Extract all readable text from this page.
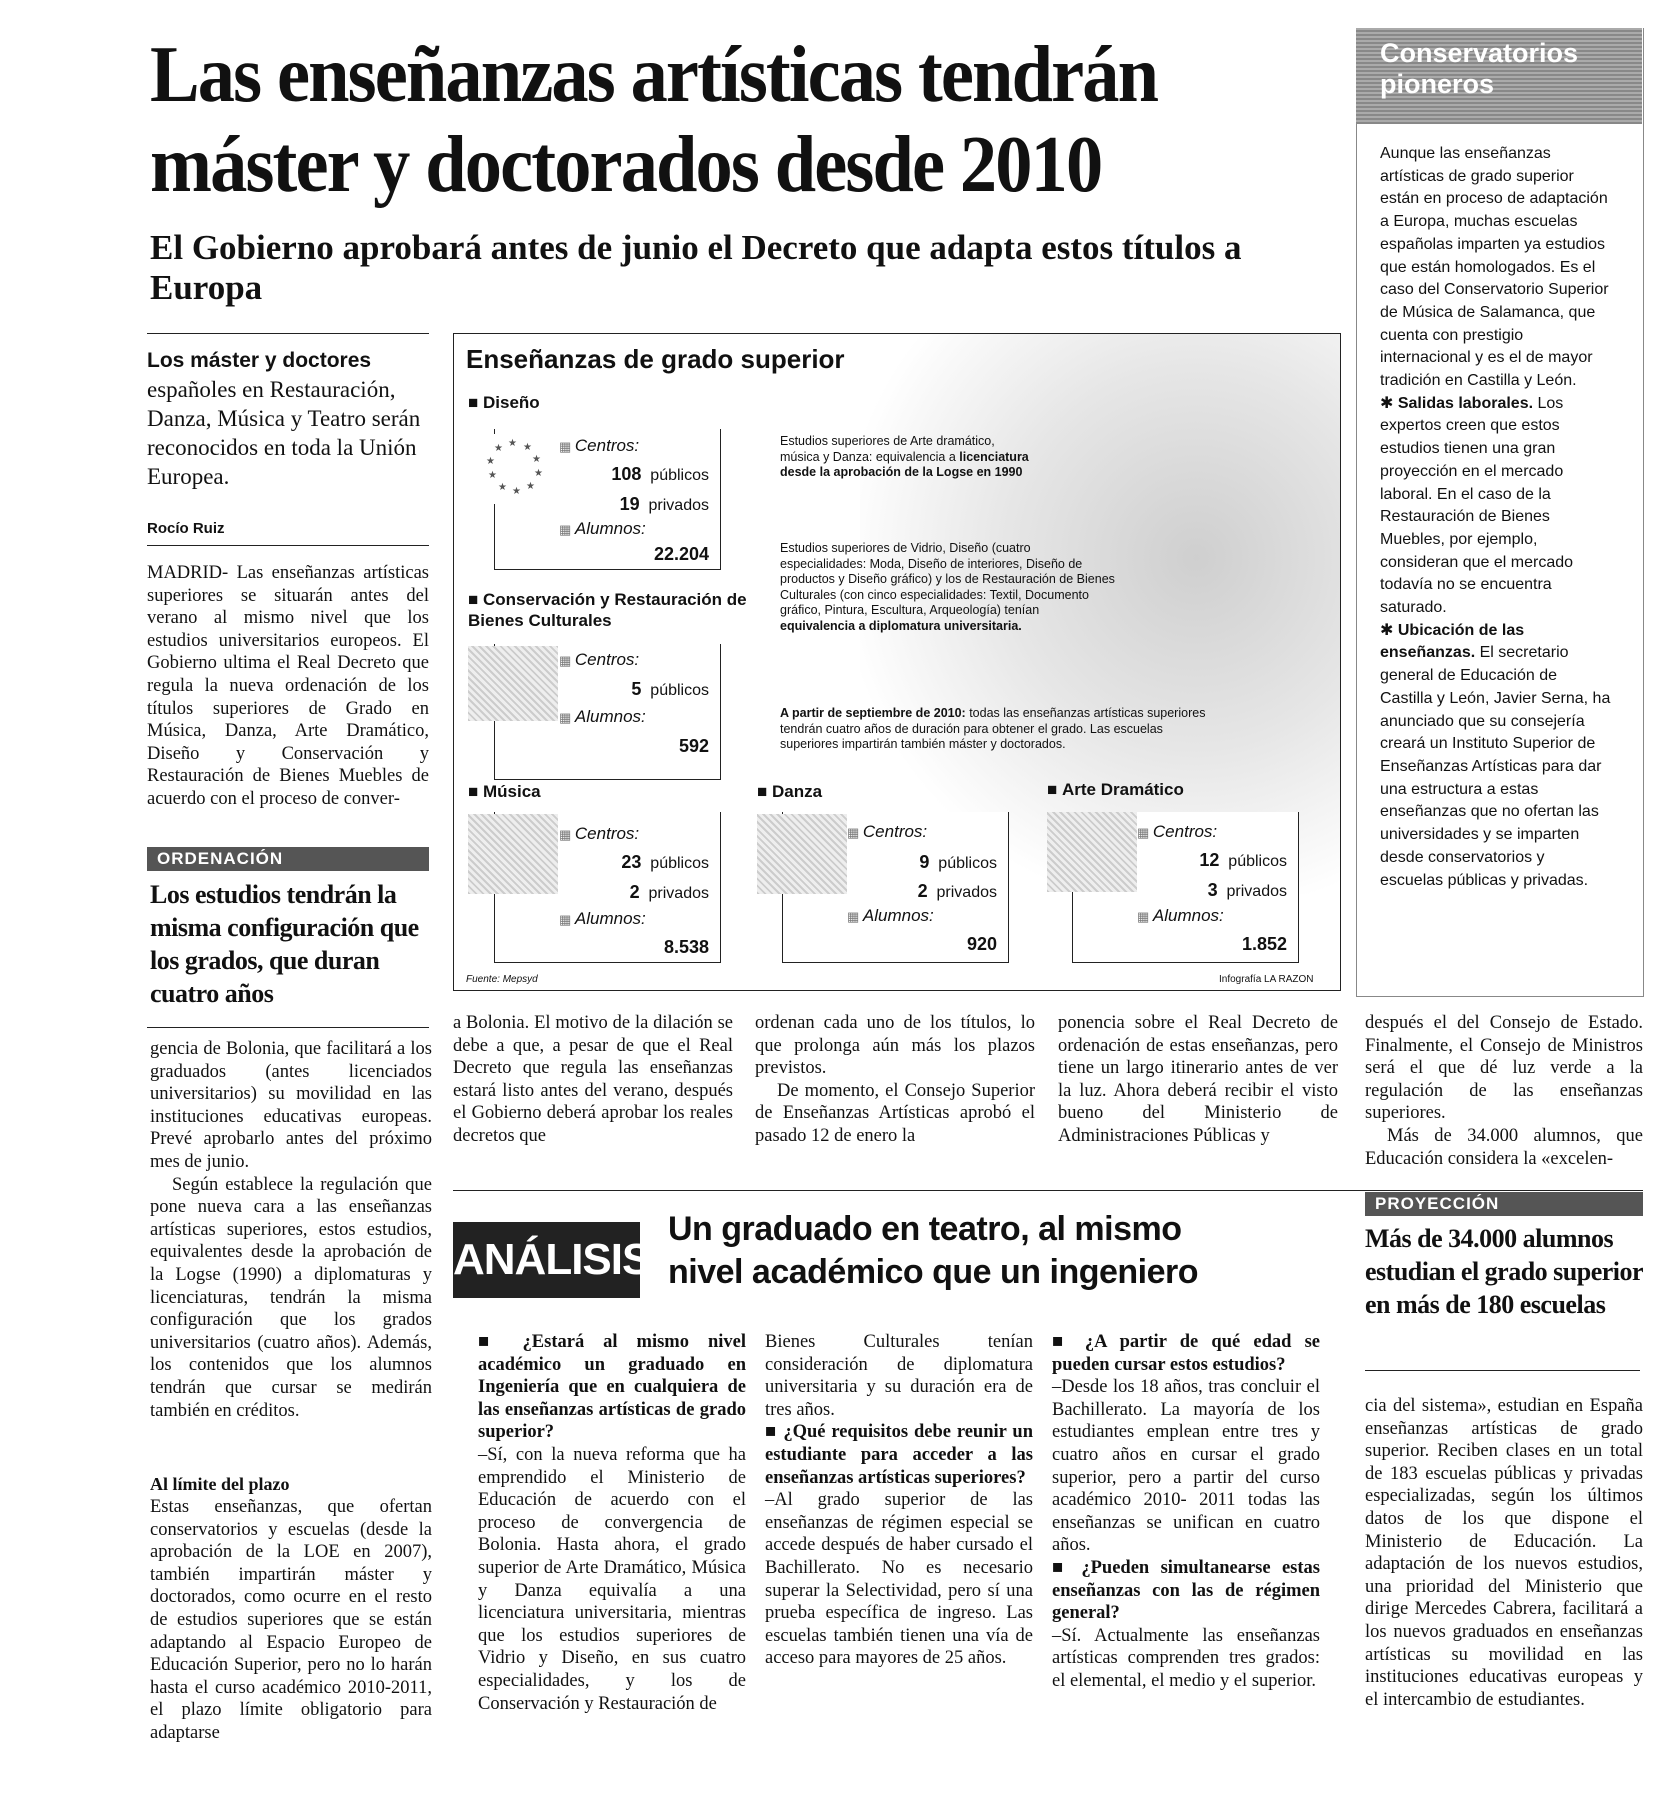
Las enseñanzas artísticas tendrán máster y doctorados desde 2010
El Gobierno aprobará antes de junio el Decreto que adapta estos títulos a Europa

Los máster y doctores
españoles en Restauración, Danza, Música y Teatro serán reconocidos en toda la Unión Europea.

Rocío Ruiz

MADRID- Las enseñanzas artísticas superiores se situarán antes del verano al mismo nivel que los estudios universitarios europeos. El Gobierno ultima el Real Decreto que regula la nueva ordenación de los títulos superiores de Grado en Música, Danza, Arte Dramático, Diseño y Conservación y Restauración de Bienes Muebles de acuerdo con el proceso de conver-

ORDENACIÓN
Los estudios tendrán la misma configuración que los grados, que duran cuatro años

gencia de Bolonia, que facilitará a los graduados (antes licenciados universitarios) su movilidad en las instituciones educativas europeas. Prevé aprobarlo antes del próximo mes de junio.

Según establece la regulación que pone nueva cara a las enseñanzas artísticas superiores, estos estudios, equivalentes desde la aprobación de la Logse (1990) a diplomaturas y licenciaturas, tendrán la misma configuración que los grados universitarios (cuatro años). Además, los contenidos que los alumnos tendrán que cursar se medirán también en créditos.

Al límite del plazo

Estas enseñanzas, que ofertan conservatorios y escuelas (desde la aprobación de la LOE en 2007), también impartirán máster y doctorados, como ocurre en el resto de estudios superiores que se están adaptando al Espacio Europeo de Educación Superior, pero no lo harán hasta el curso académico 2010-2011, el plazo límite obligatorio para adaptarse

Enseñanzas de grado superior

■ Diseño

★ ★
★
★
★
★
★
★
★
★

▦	Centros:

108 públicos

19 privados

▦ Alumnos:

22.204

■ Conservación y Restauración de Bienes Culturales

▦ Centros:

5 públicos

▦ Alumnos:

592

Estudios superiores de Arte dramático, música y Danza: equivalencia a licenciatura desde la aprobación de la Logse en 1990

Estudios superiores de Vidrio, Diseño (cuatro especialidades: Moda, Diseño de interiores, Diseño de productos y Diseño gráfico) y los de Restauración de Bienes Culturales (con cinco especialidades: Textil, Documento gráfico, Pintura, Escultura, Arqueología) tenían equivalencia a diplomatura universitaria.

A partir de septiembre de 2010: todas las enseñanzas artísticas superiores tendrán cuatro años de duración para obtener el grado. Las escuelas superiores impartirán también máster y doctorados.

■ Música

▦ Centros:

23 públicos

2 privados

▦ Alumnos:

8.538

■ Danza

▦ Centros:

9 públicos

2 privados

▦ Alumnos:

920

■ Arte Dramático

▦ Centros:

12 públicos

3 privados

▦ Alumnos:

1.852

Fuente: Mepsyd	Infografía LA RAZON

a Bolonia. El motivo de la dilación se debe a que, a pesar de que el Real Decreto que regula las enseñanzas estará listo antes del verano, después el Gobierno deberá aprobar los reales decretos que

ordenan cada uno de los títulos, lo que prolonga aún más los plazos previstos.

De momento, el Consejo Superior de Enseñanzas Artísticas aprobó el pasado 12 de enero la

ponencia sobre el Real Decreto de ordenación de estas enseñanzas, pero tiene un largo itinerario antes de ver la luz. Ahora deberá recibir el visto bueno del Ministerio de Administraciones Públicas y

Conservatorios
pioneros

Aunque las enseñanzas artísticas de grado superior están en proceso de adaptación a Europa, muchas escuelas españolas imparten ya estudios que están homologados. Es el caso del Conservatorio Superior de Música de Salamanca, que cuenta con prestigio internacional y es el de mayor tradición en Castilla y León.

✱ Salidas laborales. Los expertos creen que estos estudios tienen una gran proyección en el mercado laboral. En el caso de la Restauración de Bienes Muebles, por ejemplo, consideran que el mercado todavía no se encuentra saturado.

✱ Ubicación de las enseñanzas. El secretario general de Educación de Castilla y León, Javier Serna, ha anunciado que su consejería creará un Instituto Superior de Enseñanzas Artísticas para dar una estructura a estas enseñanzas que no ofertan las universidades y se imparten desde conservatorios y escuelas públicas y privadas.

después el del Consejo de Estado. Finalmente, el Consejo de Ministros será el que dé luz verde a la regulación de las enseñanzas superiores.

Más de 34.000 alumnos, que Educación considera la «excelen-

PROYECCIÓN
Más de 34.000 alumnos estudian el grado superior en más de 180 escuelas

cia del sistema», estudian en España enseñanzas artísticas de grado superior. Reciben clases en un total de 183 escuelas públicas y privadas especializadas, según los últimos datos de los que dispone el Ministerio de Educación. La adaptación de los nuevos estudios, una prioridad del Ministerio que dirige Mercedes Cabrera, facilitará a los nuevos graduados en enseñanzas artísticas su movilidad en las instituciones educativas europeas y el intercambio de estudiantes.

ANÁLISIS

Un graduado en teatro, al mismo nivel académico que un ingeniero

■ ¿Estará al mismo nivel académico un graduado en Ingeniería que en cualquiera de las enseñanzas artísticas de grado superior?

–Sí, con la nueva reforma que ha emprendido el Ministerio de Educación de acuerdo con el proceso de convergencia de Bolonia. Hasta ahora, el grado superior de Arte Dramático, Música y Danza equivalía a una licenciatura universitaria, mientras que los estudios superiores de Vidrio y Diseño, en sus cuatro especialidades, y los de Conservación y Restauración de

Bienes Culturales tenían consideración de diplomatura universitaria y su duración era de tres años.

■ ¿Qué requisitos debe reunir un estudiante para acceder a las enseñanzas artísticas superiores?

–Al grado superior de las enseñanzas de régimen especial se accede después de haber cursado el Bachillerato. No es necesario superar la Selectividad, pero sí una prueba específica de ingreso. Las escuelas también tienen una vía de acceso para mayores de 25 años.

■ ¿A partir de qué edad se pueden cursar estos estudios?

–Desde los 18 años, tras concluir el Bachillerato. La mayoría de los estudiantes emplean entre tres y cuatro años en cursar el grado superior, pero a partir del curso académico 2010- 2011 todas las enseñanzas se unifican en cuatro años.

■ ¿Pueden simultanearse estas enseñanzas con las de régimen general?

–Sí. Actualmente las enseñanzas artísticas comprenden tres grados: el elemental, el medio y el superior.
